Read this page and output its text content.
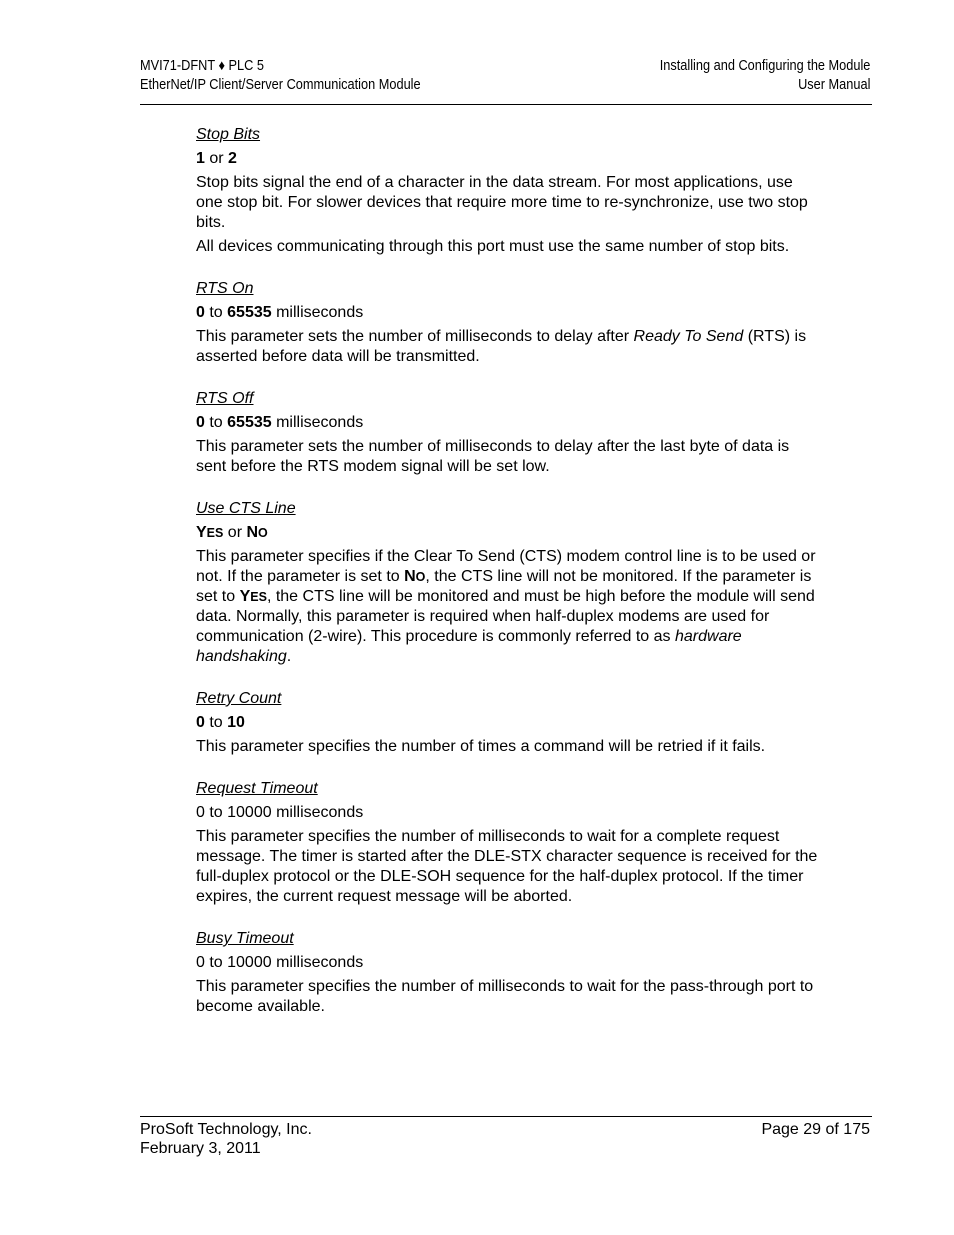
MVI71-DFNT ♦ PLC 5
EtherNet/IP Client/Server Communication Module
Installing and Configuring the Module
User Manual
Stop Bits
1 or 2
Stop bits signal the end of a character in the data stream. For most applications, use one stop bit. For slower devices that require more time to re-synchronize, use two stop bits.
All devices communicating through this port must use the same number of stop bits.
RTS On
0 to 65535 milliseconds
This parameter sets the number of milliseconds to delay after Ready To Send (RTS) is asserted before data will be transmitted.
RTS Off
0 to 65535 milliseconds
This parameter sets the number of milliseconds to delay after the last byte of data is sent before the RTS modem signal will be set low.
Use CTS Line
YES or NO
This parameter specifies if the Clear To Send (CTS) modem control line is to be used or not. If the parameter is set to NO, the CTS line will not be monitored. If the parameter is set to YES, the CTS line will be monitored and must be high before the module will send data. Normally, this parameter is required when half-duplex modems are used for communication (2-wire). This procedure is commonly referred to as hardware handshaking.
Retry Count
0 to 10
This parameter specifies the number of times a command will be retried if it fails.
Request Timeout
0 to 10000 milliseconds
This parameter specifies the number of milliseconds to wait for a complete request message. The timer is started after the DLE-STX character sequence is received for the full-duplex protocol or the DLE-SOH sequence for the half-duplex protocol. If the timer expires, the current request message will be aborted.
Busy Timeout
0 to 10000 milliseconds
This parameter specifies the number of milliseconds to wait for the pass-through port to become available.
ProSoft Technology, Inc.
February 3, 2011
Page 29 of 175
